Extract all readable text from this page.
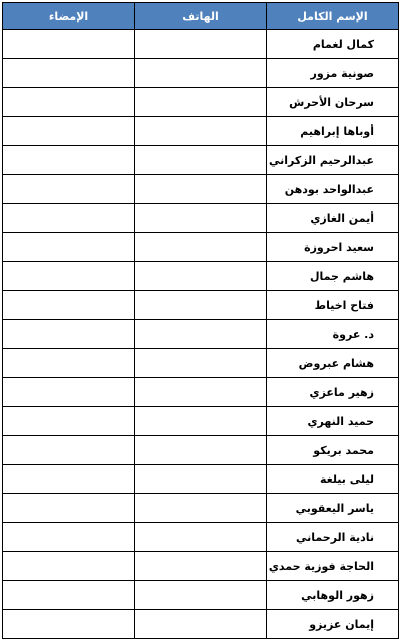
الإسم الكامل	الهاتف	الإمضاء
كمال لغمام		
صونية مزور		
سرحان الأحرش		
أوباها إبراهيم		
عبدالرحيم الزكراني		
عبدالواحد بودهن		
أيمن الغازي		
سعيد احروزة		
هاشم جمال		
فتاح اخياط		
د. عروة		
هشام عبروض		
زهير ماعزي		
حميد النهري		
محمد بريكو		
ليلى بيلغة		
ياسر اليعقوبي		
نادية الرحماني		
الحاجة فوزية حمدي		
زهور الوهابي		
إيمان عزيزو		
